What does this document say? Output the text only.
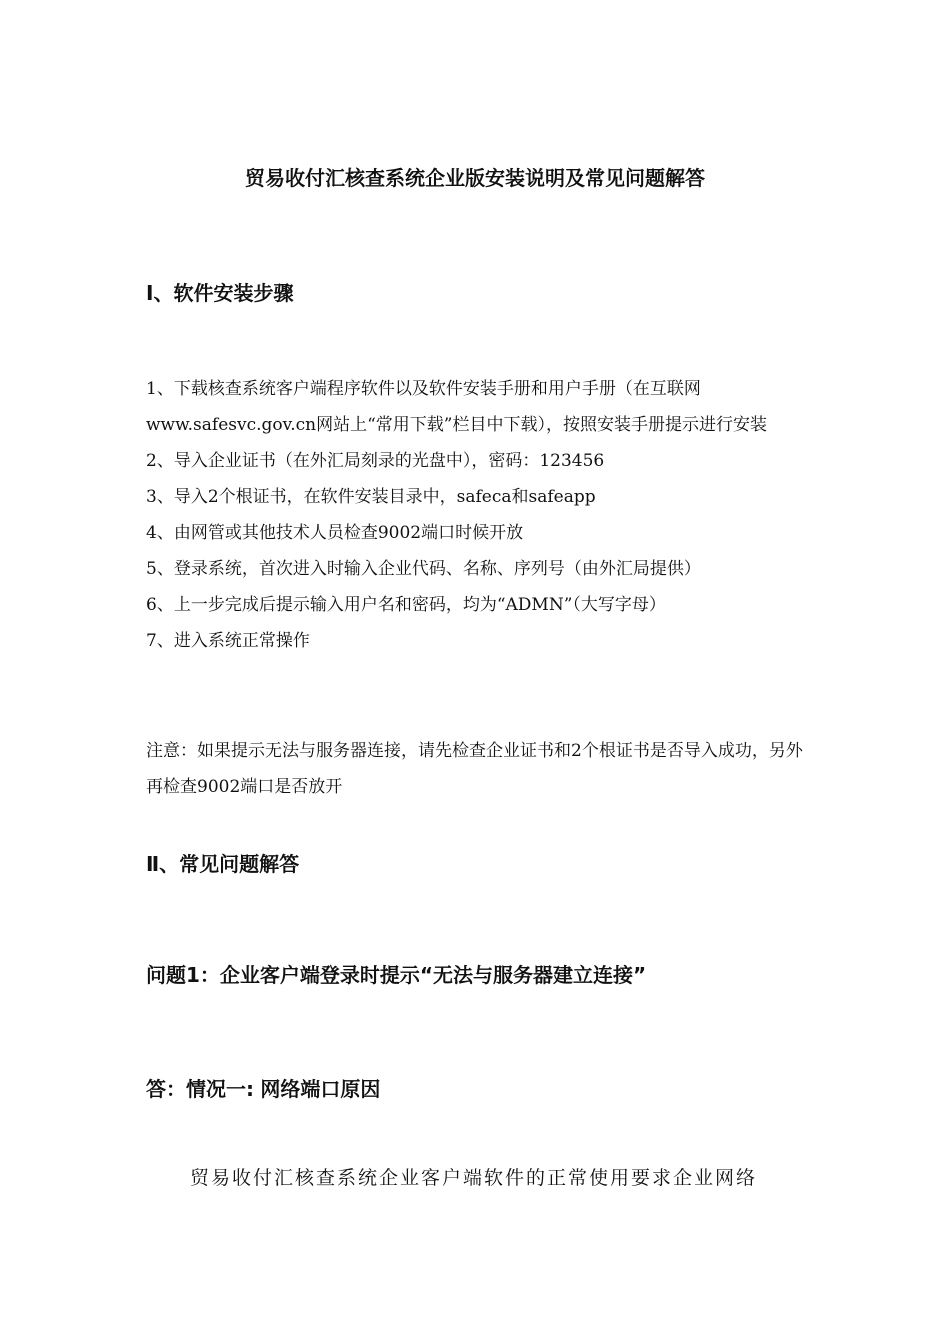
贸易收付汇核查系统企业版安装说明及常见问题解答
Ⅰ、软件安装步骤

1、下载核查系统客户端程序软件以及软件安装手册和用户手册（在互联网www.safesvc.gov.cn网站上“常用下载”栏目中下载），按照安装手册提示进行安装

2、导入企业证书（在外汇局刻录的光盘中），密码：123456

3、导入2个根证书，在软件安装目录中，safeca和safeapp

4、由网管或其他技术人员检查9002端口时候开放

5、登录系统，首次进入时输入企业代码、名称、序列号（由外汇局提供）

6、上一步完成后提示输入用户名和密码，均为“ADMN”（大写字母）

7、进入系统正常操作

注意：如果提示无法与服务器连接，请先检查企业证书和2个根证书是否导入成功，另外再检查9002端口是否放开

Ⅱ、常见问题解答
问题1：企业客户端登录时提示“无法与服务器建立连接”
答：情况一: 网络端口原因
贸易收付汇核查系统企业客户端软件的正常使用要求企业网络
